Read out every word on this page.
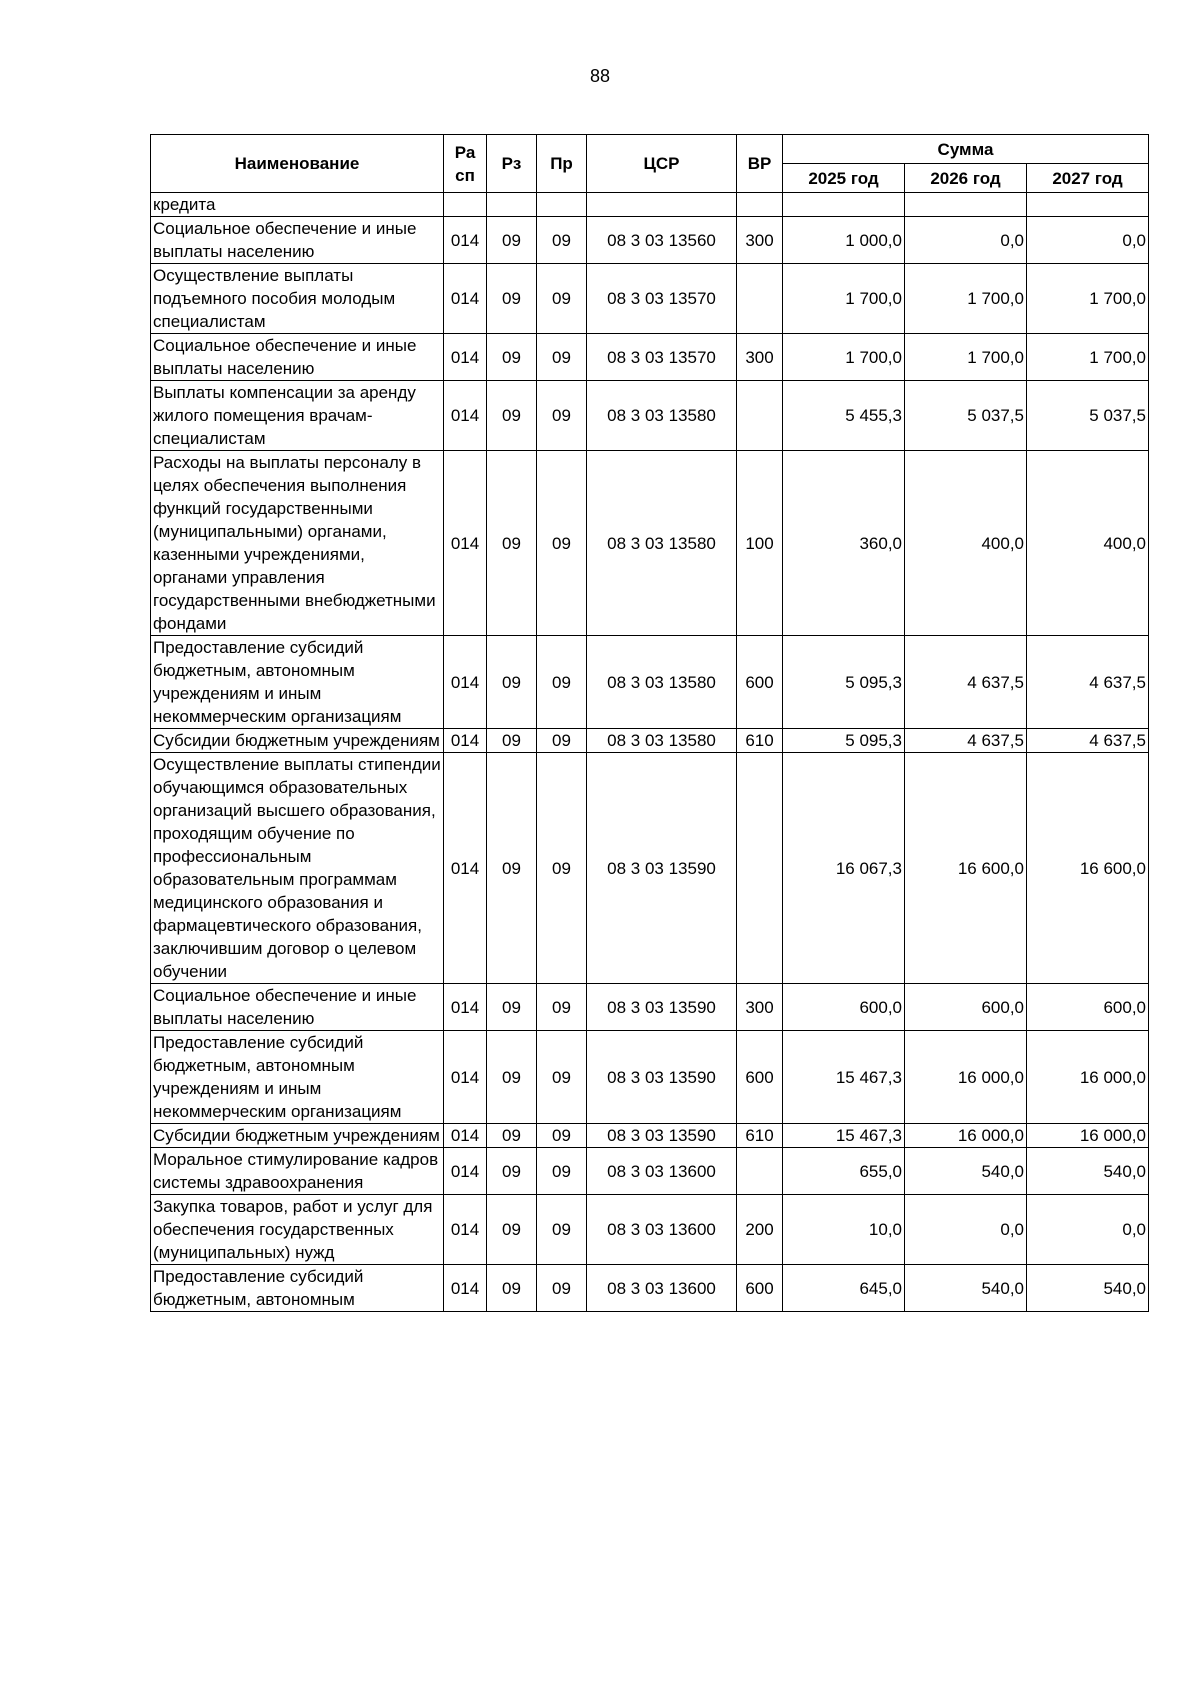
88
Наименование	Ра сп	Рз	Пр	ЦСР	ВР	Сумма		
						2025 год	2026 год	2027 год
кредита								
Социальное обеспечение и иные выплаты населению	014	09	09	08 3 03 13560	300	1 000,0	0,0	0,0
Осуществление выплаты подъемного пособия молодым специалистам	014	09	09	08 3 03 13570		1 700,0	1 700,0	1 700,0
Социальное обеспечение и иные выплаты населению	014	09	09	08 3 03 13570	300	1 700,0	1 700,0	1 700,0
Выплаты компенсации за аренду жилого помещения врачам-специалистам	014	09	09	08 3 03 13580		5 455,3	5 037,5	5 037,5
Расходы на выплаты персоналу в целях обеспечения выполнения функций государственными (муниципальными) органами, казенными учреждениями, органами управления государственными внебюджетными фондами	014	09	09	08 3 03 13580	100	360,0	400,0	400,0
Предоставление субсидий бюджетным, автономным учреждениям и иным некоммерческим организациям	014	09	09	08 3 03 13580	600	5 095,3	4 637,5	4 637,5
Субсидии бюджетным учреждениям	014	09	09	08 3 03 13580	610	5 095,3	4 637,5	4 637,5
Осуществление выплаты стипендии обучающимся образовательных организаций высшего образования, проходящим обучение по профессиональным образовательным программам медицинского образования и фармацевтического образования, заключившим договор о целевом обучении	014	09	09	08 3 03 13590		16 067,3	16 600,0	16 600,0
Социальное обеспечение и иные выплаты населению	014	09	09	08 3 03 13590	300	600,0	600,0	600,0
Предоставление субсидий бюджетным, автономным учреждениям и иным некоммерческим организациям	014	09	09	08 3 03 13590	600	15 467,3	16 000,0	16 000,0
Субсидии бюджетным учреждениям	014	09	09	08 3 03 13590	610	15 467,3	16 000,0	16 000,0
Моральное стимулирование кадров системы здравоохранения	014	09	09	08 3 03 13600		655,0	540,0	540,0
Закупка товаров, работ и услуг для обеспечения государственных (муниципальных) нужд	014	09	09	08 3 03 13600	200	10,0	0,0	0,0
Предоставление субсидий бюджетным, автономным	014	09	09	08 3 03 13600	600	645,0	540,0	540,0
